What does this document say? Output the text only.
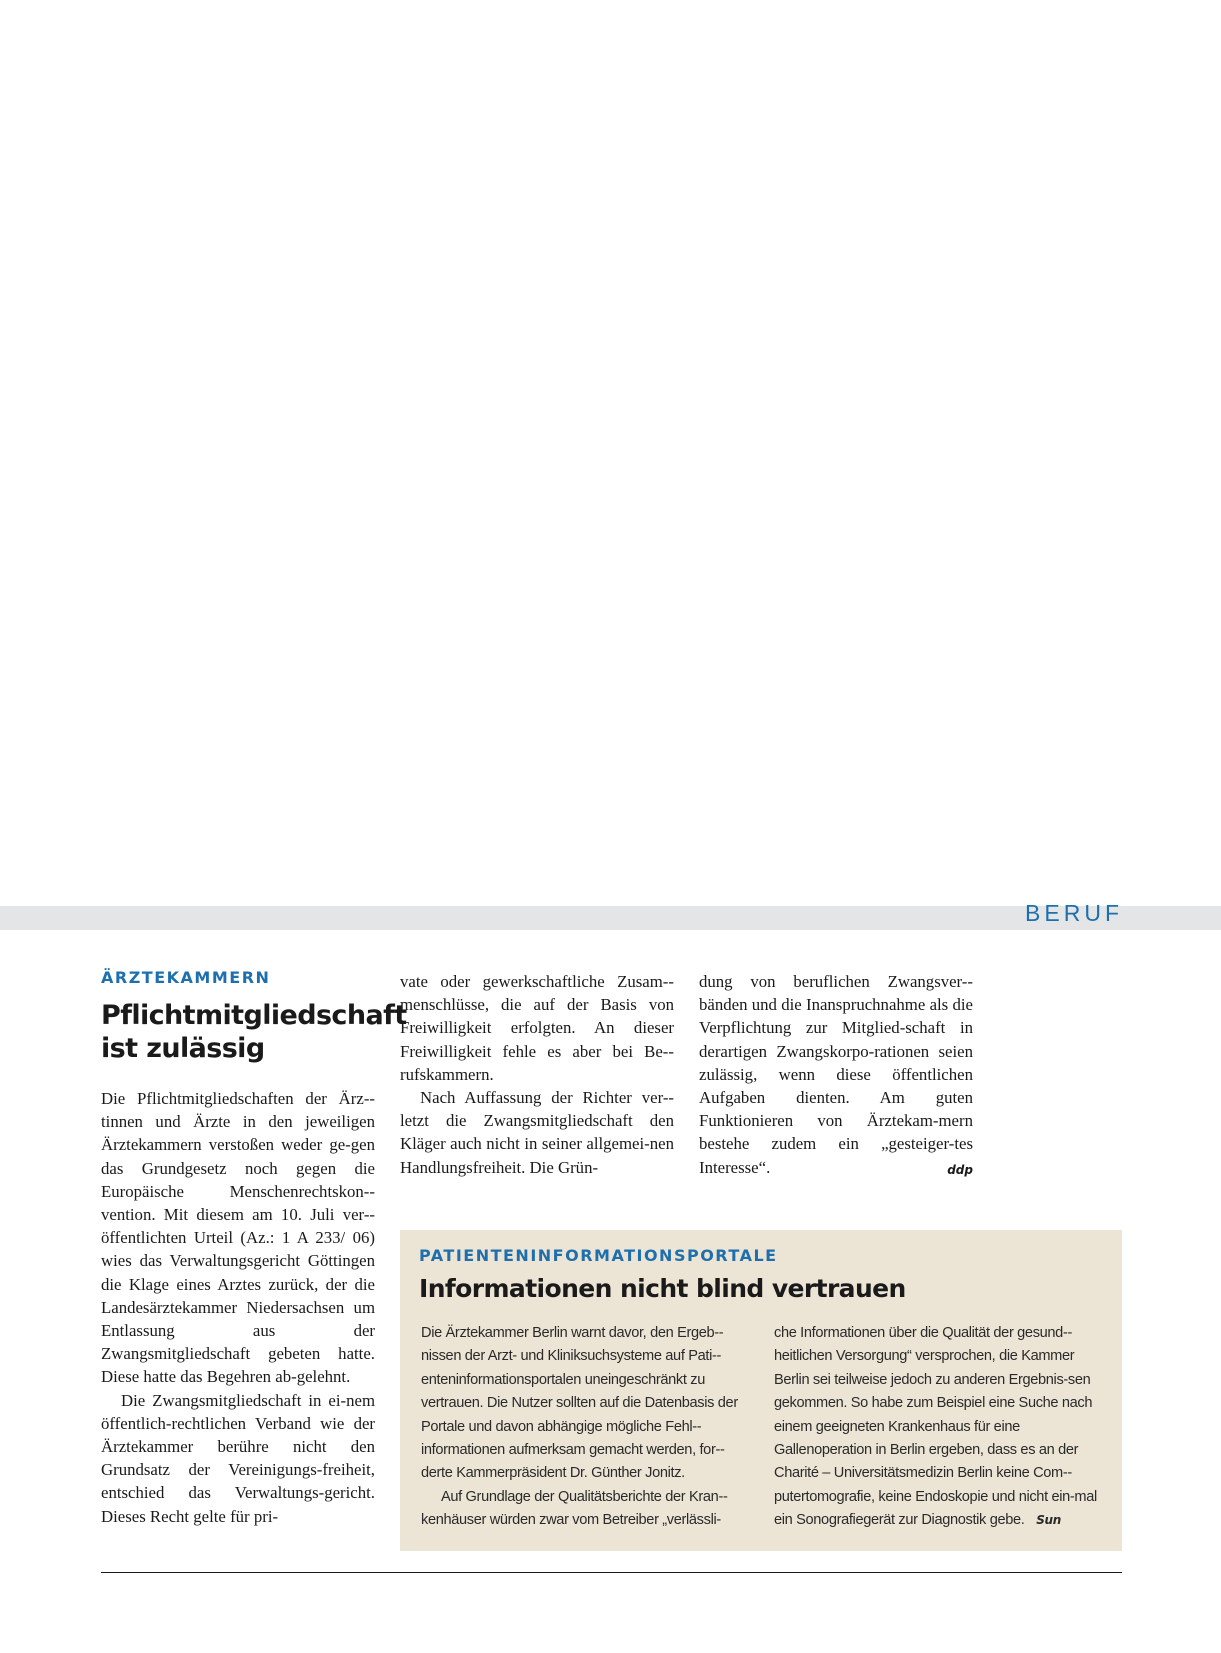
BERUF
ÄRZTEKAMMERN
Pflichtmitgliedschaft
ist zulässig

Die Pflichtmitgliedschaften der Ärz-tinnen und Ärzte in den jeweiligen Ärztekammern verstoßen weder ge-gen das Grundgesetz noch gegen die Europäische Menschenrechtskon-vention. Mit diesem am 10. Juli ver-öffentlichten Urteil (Az.: 1 A 233/ 06) wies das Verwaltungsgericht Göttingen die Klage eines Arztes zurück, der die Landesärztekammer Niedersachsen um Entlassung aus der Zwangsmitgliedschaft gebeten hatte. Diese hatte das Begehren ab-gelehnt.

Die Zwangsmitgliedschaft in ei-nem öffentlich-rechtlichen Verband wie der Ärztekammer berühre nicht den Grundsatz der Vereinigungs-freiheit, entschied das Verwaltungs-gericht. Dieses Recht gelte für pri-

vate oder gewerkschaftliche Zusam-menschlüsse, die auf der Basis von Freiwilligkeit erfolgten. An dieser Freiwilligkeit fehle es aber bei Be-rufskammern.

Nach Auffassung der Richter ver-letzt die Zwangsmitgliedschaft den Kläger auch nicht in seiner allgemei-nen Handlungsfreiheit. Die Grün-

dung von beruflichen Zwangsver-bänden und die Inanspruchnahme als die Verpflichtung zur Mitglied-schaft in derartigen Zwangskorpo-rationen seien zulässig, wenn diese öffentlichen Aufgaben dienten. Am guten Funktionieren von Ärztekam-mern bestehe zudem ein „gesteiger-tes Interesse“.	ddp

PATIENTENINFORMATIONSPORTALE
Informationen nicht blind vertrauen

Die Ärztekammer Berlin warnt davor, den Ergeb-nissen der Arzt- und Kliniksuchsysteme auf Pati-enteninformationsportalen uneingeschränkt zu vertrauen. Die Nutzer sollten auf die Datenbasis der Portale und davon abhängige mögliche Fehl-informationen aufmerksam gemacht werden, for-derte Kammerpräsident Dr. Günther Jonitz.

Auf Grundlage der Qualitätsberichte der Kran-kenhäuser würden zwar vom Betreiber „verlässli-

che Informationen über die Qualität der gesund-heitlichen Versorgung“ versprochen, die Kammer Berlin sei teilweise jedoch zu anderen Ergebnis-sen gekommen. So habe zum Beispiel eine Suche nach einem geeigneten Krankenhaus für eine Gallenoperation in Berlin ergeben, dass es an der Charité – Universitätsmedizin Berlin keine Com-putertomografie, keine Endoskopie und nicht ein-mal ein Sonografiegerät zur Diagnostik gebe. Sun
